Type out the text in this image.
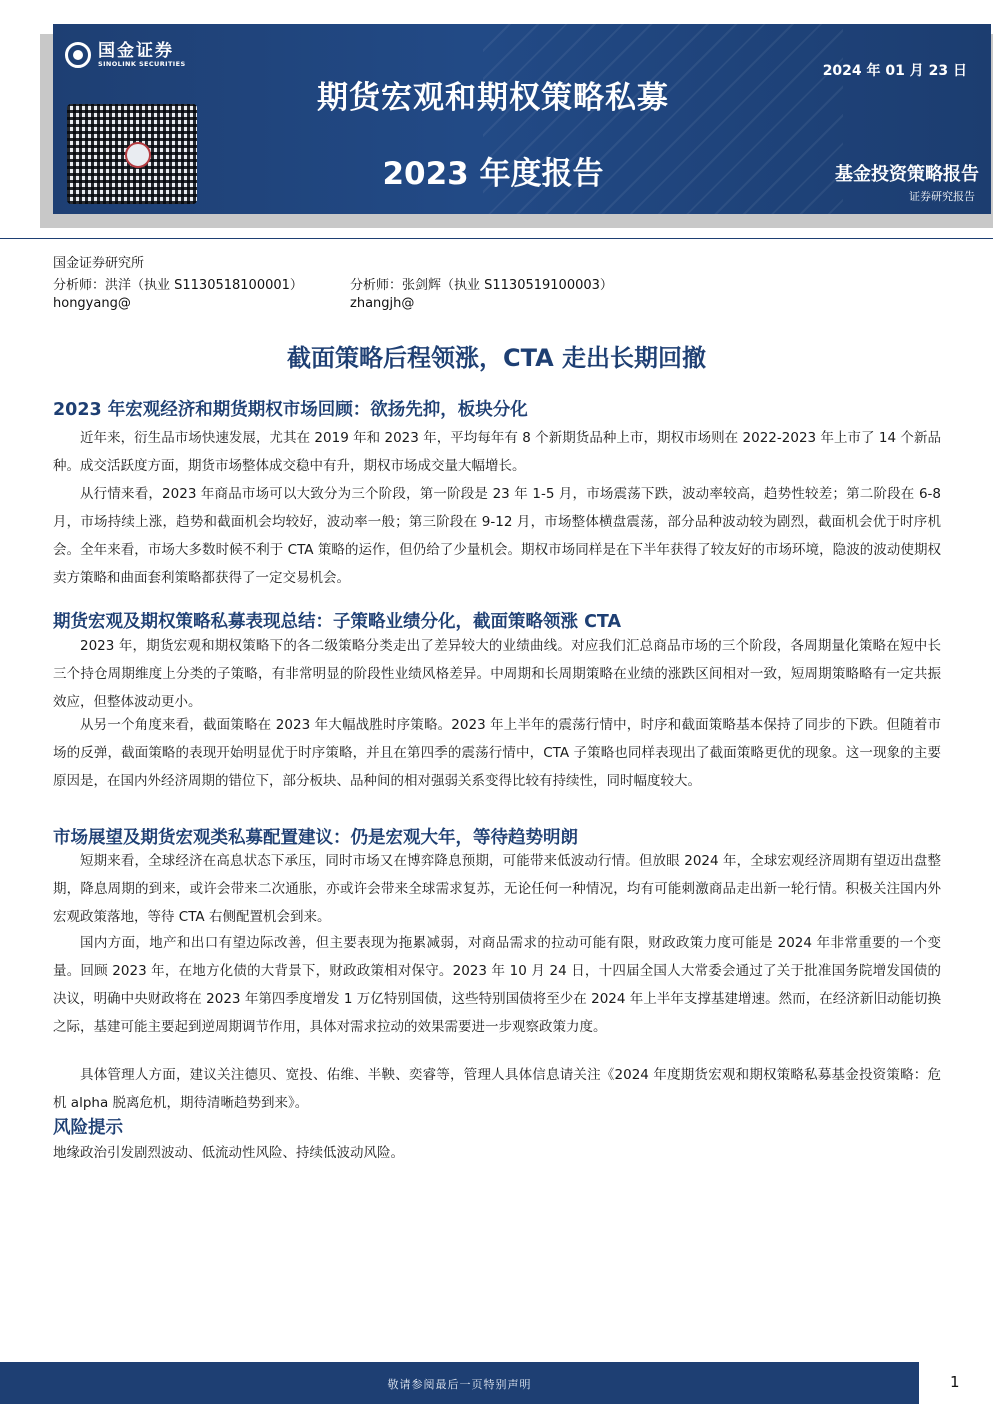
国金证券
SINOLINK SECURITIES
期货宏观和期权策略私募
2023 年度报告
2024 年 01 月 23 日
基金投资策略报告
证券研究报告
国金证券研究所
分析师：洪洋（执业 S1130518100001）	分析师：张剑辉（执业 S1130519100003）
hongyang@	zhangjh@
截面策略后程领涨，CTA 走出长期回撤
2023 年宏观经济和期货期权市场回顾：欲扬先抑，板块分化
近年来，衍生品市场快速发展，尤其在 2019 年和 2023 年，平均每年有 8 个新期货品种上市，期权市场则在 2022-2023 年上市了 14 个新品种。成交活跃度方面，期货市场整体成交稳中有升，期权市场成交量大幅增长。
从行情来看，2023 年商品市场可以大致分为三个阶段，第一阶段是 23 年 1-5 月，市场震荡下跌，波动率较高，趋势性较差；第二阶段在 6-8 月，市场持续上涨，趋势和截面机会均较好，波动率一般；第三阶段在 9-12 月，市场整体横盘震荡，部分品种波动较为剧烈，截面机会优于时序机会。全年来看，市场大多数时候不利于 CTA 策略的运作，但仍给了少量机会。期权市场同样是在下半年获得了较友好的市场环境，隐波的波动使期权卖方策略和曲面套利策略都获得了一定交易机会。
期货宏观及期权策略私募表现总结：子策略业绩分化，截面策略领涨 CTA
2023 年，期货宏观和期权策略下的各二级策略分类走出了差异较大的业绩曲线。对应我们汇总商品市场的三个阶段，各周期量化策略在短中长三个持仓周期维度上分类的子策略，有非常明显的阶段性业绩风格差异。中周期和长周期策略在业绩的涨跌区间相对一致，短周期策略略有一定共振效应，但整体波动更小。
从另一个角度来看，截面策略在 2023 年大幅战胜时序策略。2023 年上半年的震荡行情中，时序和截面策略基本保持了同步的下跌。但随着市场的反弹，截面策略的表现开始明显优于时序策略，并且在第四季的震荡行情中，CTA 子策略也同样表现出了截面策略更优的现象。这一现象的主要原因是，在国内外经济周期的错位下，部分板块、品种间的相对强弱关系变得比较有持续性，同时幅度较大。
市场展望及期货宏观类私募配置建议：仍是宏观大年，等待趋势明朗
短期来看，全球经济在高息状态下承压，同时市场又在博弈降息预期，可能带来低波动行情。但放眼 2024 年，全球宏观经济周期有望迈出盘整期，降息周期的到来，或许会带来二次通胀，亦或许会带来全球需求复苏，无论任何一种情况，均有可能刺激商品走出新一轮行情。积极关注国内外宏观政策落地，等待 CTA 右侧配置机会到来。
国内方面，地产和出口有望边际改善，但主要表现为拖累减弱，对商品需求的拉动可能有限，财政政策力度可能是 2024 年非常重要的一个变量。回顾 2023 年，在地方化债的大背景下，财政政策相对保守。2023 年 10 月 24 日，十四届全国人大常委会通过了关于批准国务院增发国债的决议，明确中央财政将在 2023 年第四季度增发 1 万亿特别国债，这些特别国债将至少在 2024 年上半年支撑基建增速。然而，在经济新旧动能切换之际，基建可能主要起到逆周期调节作用，具体对需求拉动的效果需要进一步观察政策力度。
具体管理人方面，建议关注德贝、宽投、佑维、半鞅、奕睿等，管理人具体信息请关注《2024 年度期货宏观和期权策略私募基金投资策略：危机 alpha 脱离危机，期待清晰趋势到来》。
风险提示
地缘政治引发剧烈波动、低流动性风险、持续低波动风险。
敬请参阅最后一页特别声明	1
